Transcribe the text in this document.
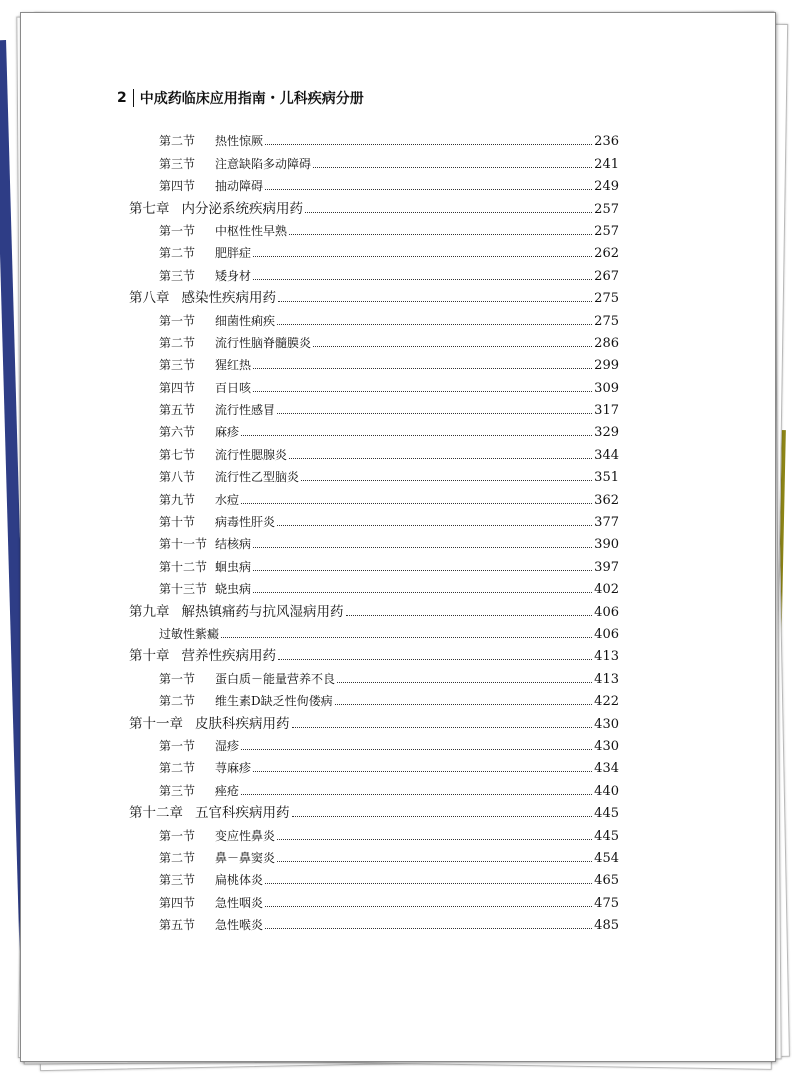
2 中成药临床应用指南・儿科疾病分册
第二节	热性惊厥	236
第三节	注意缺陷多动障碍	241
第四节	抽动障碍	249
第七章 内分泌系统疾病用药	257
第一节	中枢性性早熟	257
第二节	肥胖症	262
第三节	矮身材	267
第八章 感染性疾病用药	275
第一节	细菌性痢疾	275
第二节	流行性脑脊髓膜炎	286
第三节	猩红热	299
第四节	百日咳	309
第五节	流行性感冒	317
第六节	麻疹	329
第七节	流行性腮腺炎	344
第八节	流行性乙型脑炎	351
第九节	水痘	362
第十节	病毒性肝炎	377
第十一节 结核病	390
第十二节 蛔虫病	397
第十三节 蛲虫病	402
第九章 解热镇痛药与抗风湿病用药	406
过敏性紫癜	406
第十章 营养性疾病用药	413
第一节	蛋白质－能量营养不良	413
第二节	维生素D缺乏性佝偻病	422
第十一章 皮肤科疾病用药	430
第一节	湿疹	430
第二节	荨麻疹	434
第三节	痤疮	440
第十二章 五官科疾病用药	445
第一节	变应性鼻炎	445
第二节	鼻－鼻窦炎	454
第三节	扁桃体炎	465
第四节	急性咽炎	475
第五节	急性喉炎	485
